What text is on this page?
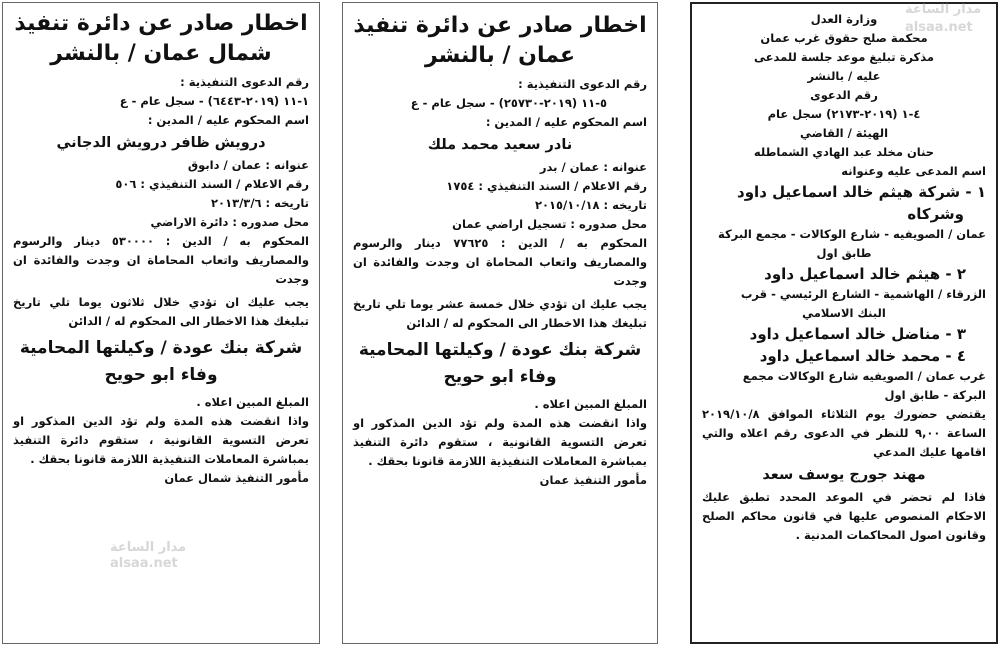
وزارة العدل
محكمة صلح حقوق غرب عمان
مذكرة تبليغ موعد جلسة للمدعى
عليه / بالنشر
رقم الدعوى
٤-١ (٢٠١٩-٢١٧٣) سجل عام
الهيئة / القاضي
حنان مخلد عبد الهادي الشماطله
اسم المدعى عليه وعنوانه
١ - شركة هيثم خالد اسماعيل داود
وشركاه
عمان / الصويفيه - شارع الوكالات - مجمع البركة
طابق اول
٢ - هيثم خالد اسماعيل داود
الزرقاء / الهاشمية - الشارع الرئيسي - قرب
البنك الاسلامي
٣ - مناضل خالد اسماعيل داود
٤ - محمد خالد اسماعيل داود
غرب عمان / الصويفيه شارع الوكالات مجمع
البركة - طابق اول
يقتضي حضورك يوم الثلاثاء الموافق ٢٠١٩/١٠/٨ الساعة ٩,٠٠ للنظر في الدعوى رقم اعلاه والتي اقامها عليك المدعي
مهند جورج يوسف سعد
فاذا لم تحضر في الموعد المحدد تطبق عليك الاحكام المنصوص عليها في قانون محاكم الصلح وقانون اصول المحاكمات المدنية .
اخطار صادر عن دائرة تنفيذ
عمان / بالنشر
رقم الدعوى التنفيذية :
٥-١١ (٢٠١٩-٢٥٧٣٠) - سجل عام - ع
اسم المحكوم عليه / المدين :
نادر سعيد محمد ملك
عنوانه : عمان / بدر
رقم الاعلام / السند التنفيذي : ١٧٥٤
تاريخه : ٢٠١٥/١٠/١٨
محل صدوره : تسجيل اراضي عمان
المحكوم به / الدين : ٧٧٦٢٥ دينار والرسوم والمصاريف واتعاب المحاماة ان وجدت والفائدة ان وجدت
يجب عليك ان تؤدي خلال خمسة عشر يوما تلي تاريخ تبليغك هذا الاخطار الى المحكوم له / الدائن
شركة بنك عودة / وكيلتها المحامية
وفاء ابو حويح
المبلغ المبين اعلاه .
واذا انقضت هذه المدة ولم تؤد الدين المذكور او تعرض التسوية القانونية ، ستقوم دائرة التنفيذ بمباشرة المعاملات التنفيذية اللازمة قانونا بحقك .
مأمور التنفيذ عمان
اخطار صادر عن دائرة تنفيذ
شمال عمان / بالنشر
رقم الدعوى التنفيذية :
١-١١ (٢٠١٩-٦٤٤٣) - سجل عام - ع
اسم المحكوم عليه / المدين :
درويش ظافر درويش الدجاني
عنوانه : عمان / دابوق
رقم الاعلام / السند التنفيذي : ٥٠٦
تاريخه : ٢٠١٣/٣/٦
محل صدوره : دائرة الاراضي
المحكوم به / الدين : ٥٣٠٠٠٠ دينار والرسوم والمصاريف واتعاب المحاماة ان وجدت والفائدة ان وجدت
يجب عليك ان تؤدي خلال ثلاثون يوما تلي تاريخ تبليغك هذا الاخطار الى المحكوم له / الدائن
شركة بنك عودة / وكيلتها المحامية
وفاء ابو حويح
المبلغ المبين اعلاه .
واذا انقضت هذه المدة ولم تؤد الدين المذكور او تعرض التسوية القانونية ، ستقوم دائرة التنفيذ بمباشرة المعاملات التنفيذية اللازمة قانونا بحقك .
مأمور التنفيذ شمال عمان
مدار الساعة
alsaa.net
مدار الساعة
alsaa.net
